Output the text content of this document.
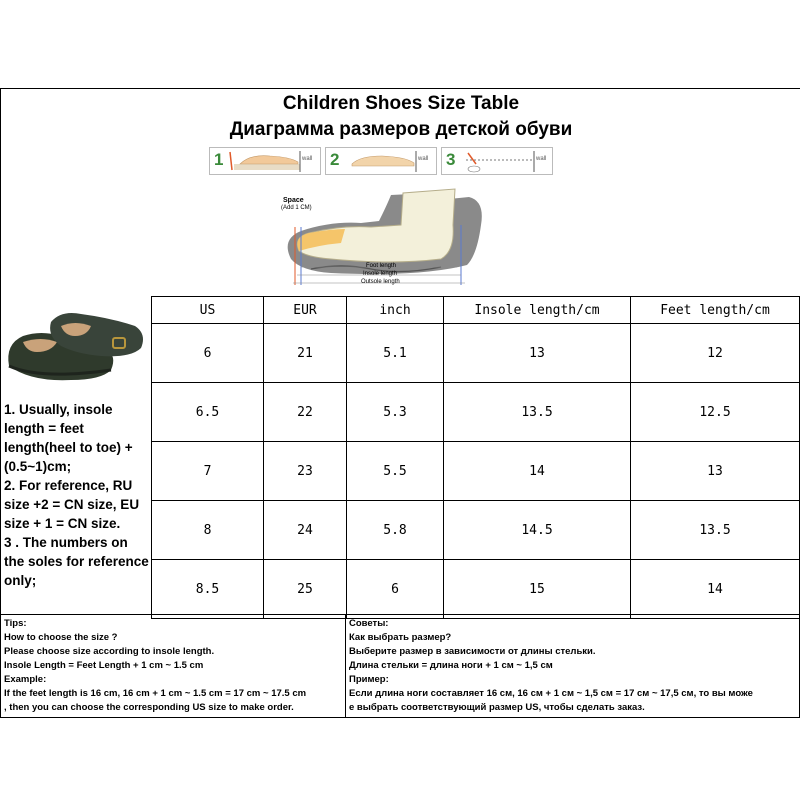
Children Shoes Size Table
Диаграмма размеров детской обуви
1	wall 2	wall 3	wall
Space
(Add 1 CM)
Foot length
Insole length
Outsole length
1. Usually, insole length = feet length(heel to toe) + (0.5~1)cm;
2. For reference, RU size +2 = CN size, EU size + 1 = CN size.
3 . The numbers on the soles for reference only;
US	EUR	inch	Insole length/cm	Feet length/cm
6	21	5.1	13	12
6.5	22	5.3	13.5	12.5
7	23	5.5	14	13
8	24	5.8	14.5	13.5
8.5	25	6	15	14
Tips:
How to choose the size ?
Please choose size according to insole length.
Insole Length = Feet Length + 1 cm ~ 1.5 cm
Example:
If the feet length is 16 cm, 16 cm + 1 cm ~ 1.5 cm = 17 cm ~ 17.5 cm
, then you can choose the corresponding US size to make order.
Советы:
Как выбрать размер?
Выберите размер в зависимости от длины стельки.
Длина стельки = длина ноги + 1 см ~ 1,5 см
Пример:
Если длина ноги составляет 16 см, 16 см + 1 см ~ 1,5 см = 17 см ~ 17,5 см, то вы може
е выбрать соответствующий размер US, чтобы сделать заказ.
